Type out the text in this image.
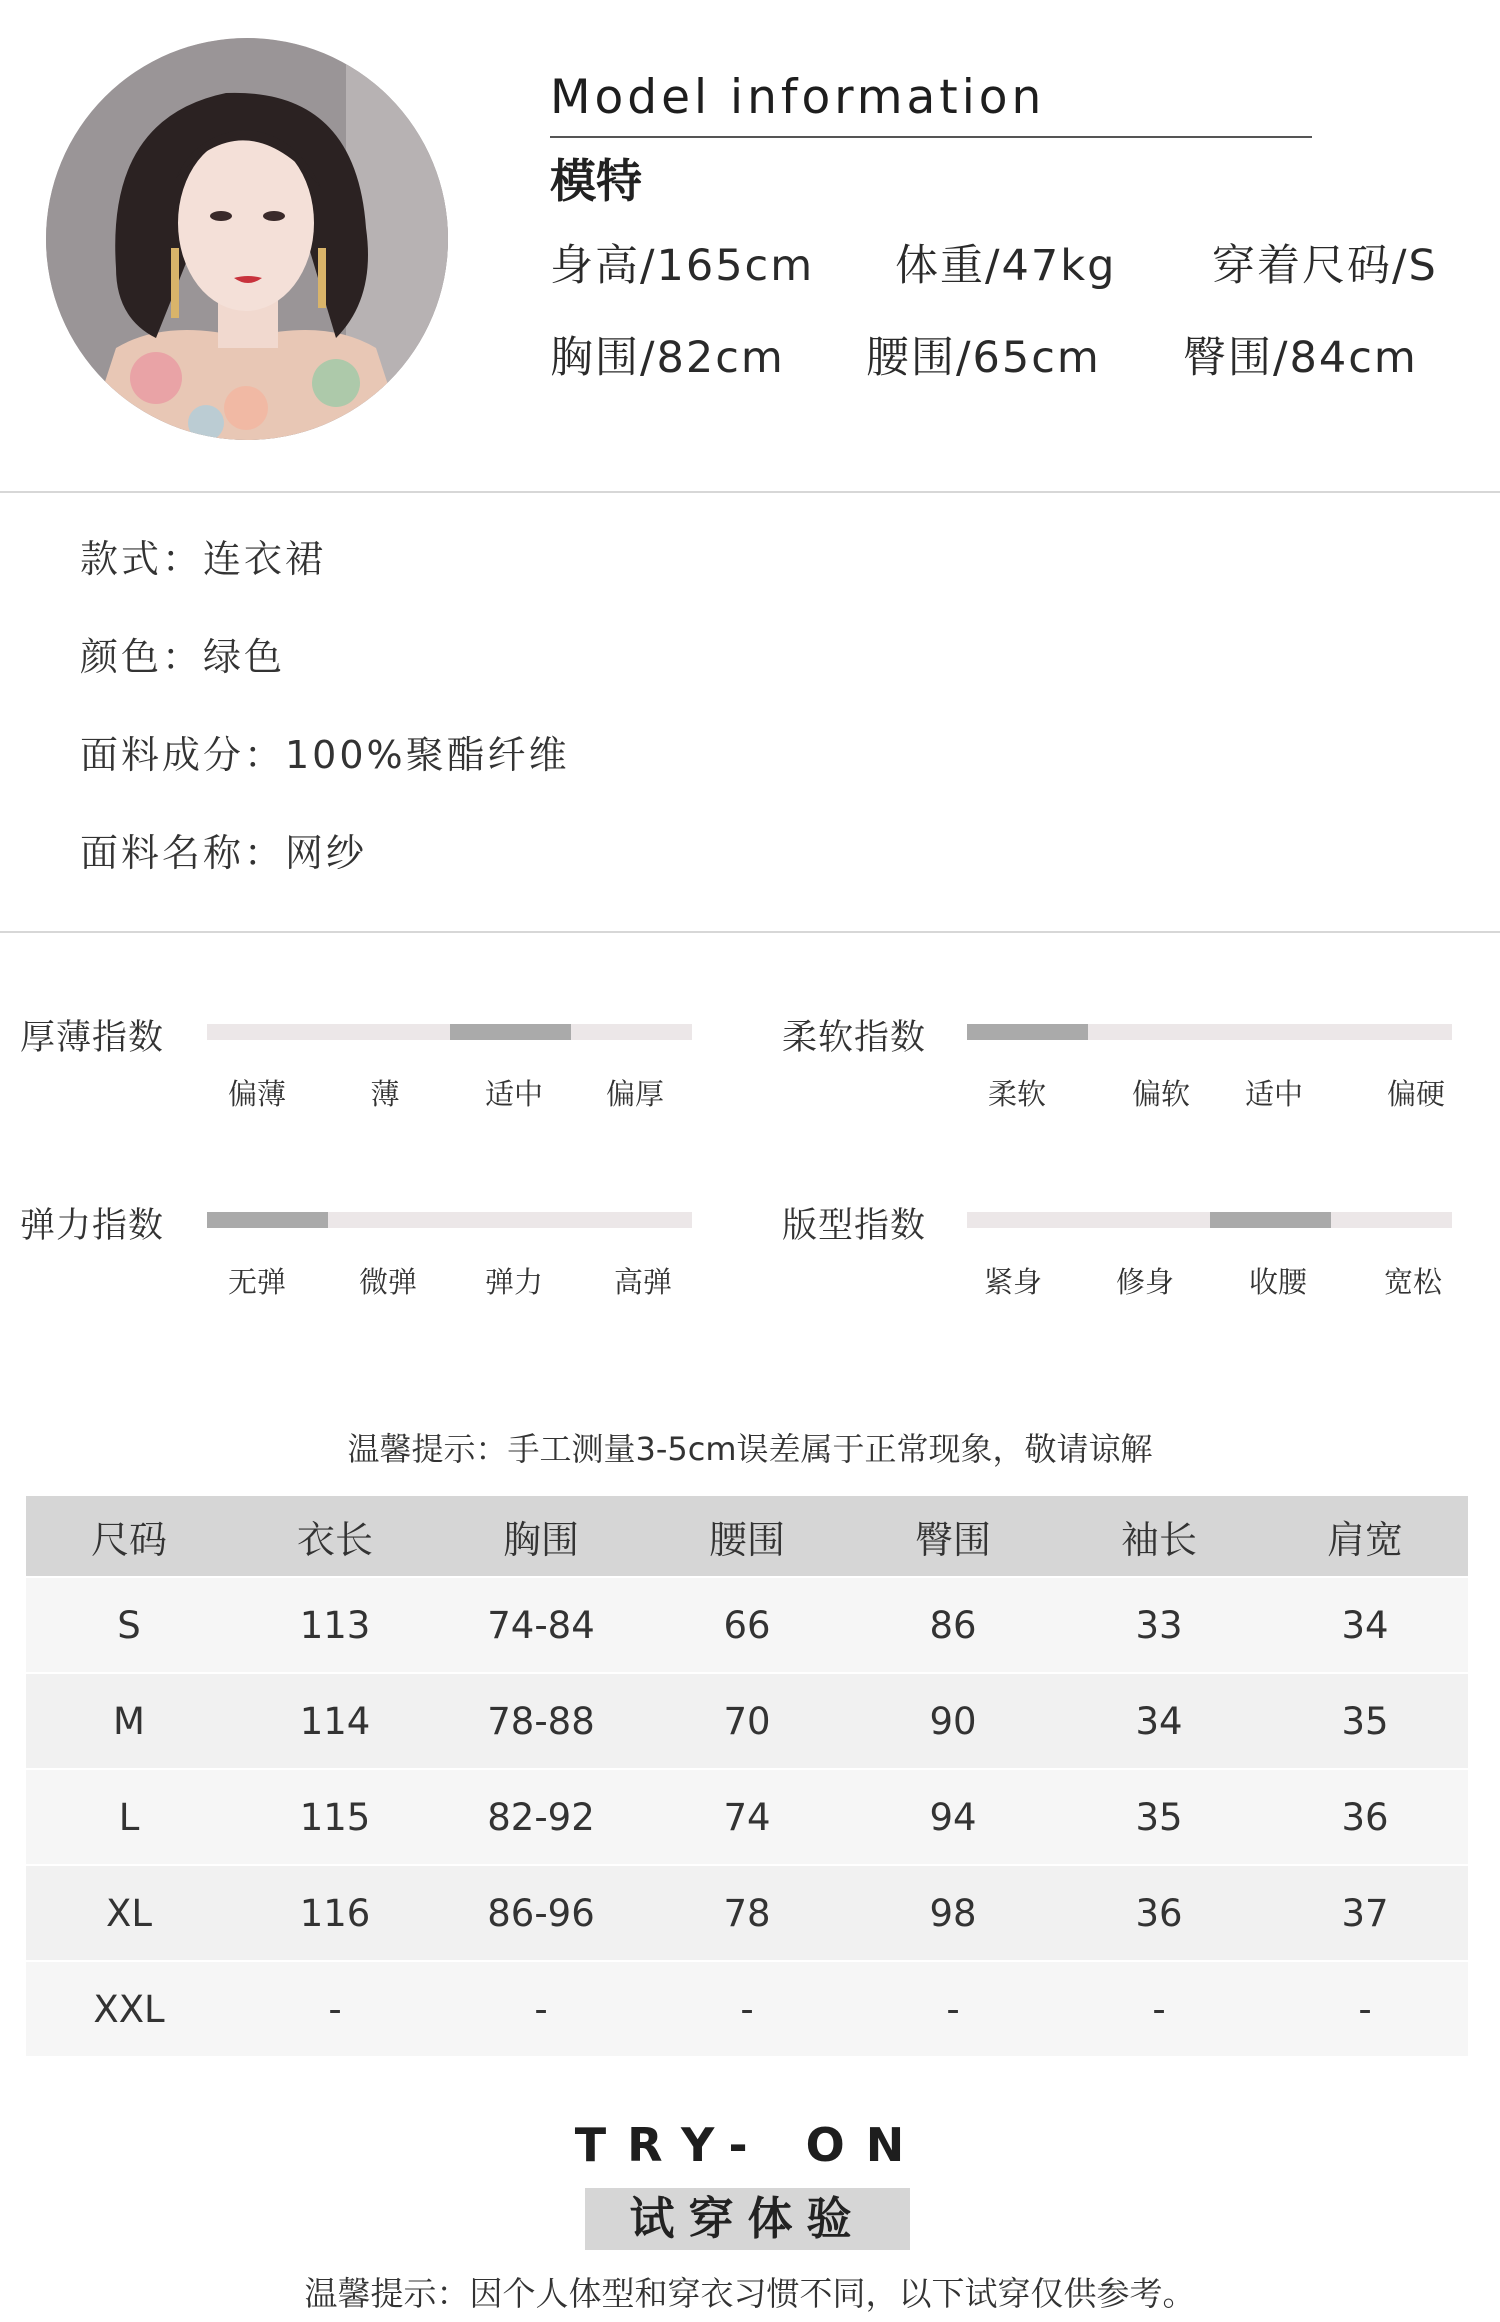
Model information
模特
身高/165cm 体重/47kg 穿着尺码/S
胸围/82cm 腰围/65cm 臀围/84cm
款式：连衣裙
颜色：绿色
面料成分：100%聚酯纤维
面料名称：网纱
厚薄指数
偏薄	薄	适中 偏厚
柔软指数
柔软	偏软 适中	偏硬
弹力指数
无弹	微弹 弹力 高弹
版型指数
紧身	修身	收腰	宽松
温馨提示：手工测量3-5cm误差属于正常现象，敬请谅解
尺码	衣长	胸围	腰围	臀围	袖长	肩宽
S	113	74-84	66	86	33	34
M	114	78-88	70	90	34	35
L	115	82-92	74	94	35	36
XL	116	86-96	78	98	36	37
XXL	-	-	-	-	-	-
TRY- ON
试穿体验
温馨提示：因个人体型和穿衣习惯不同，以下试穿仅供参考。
